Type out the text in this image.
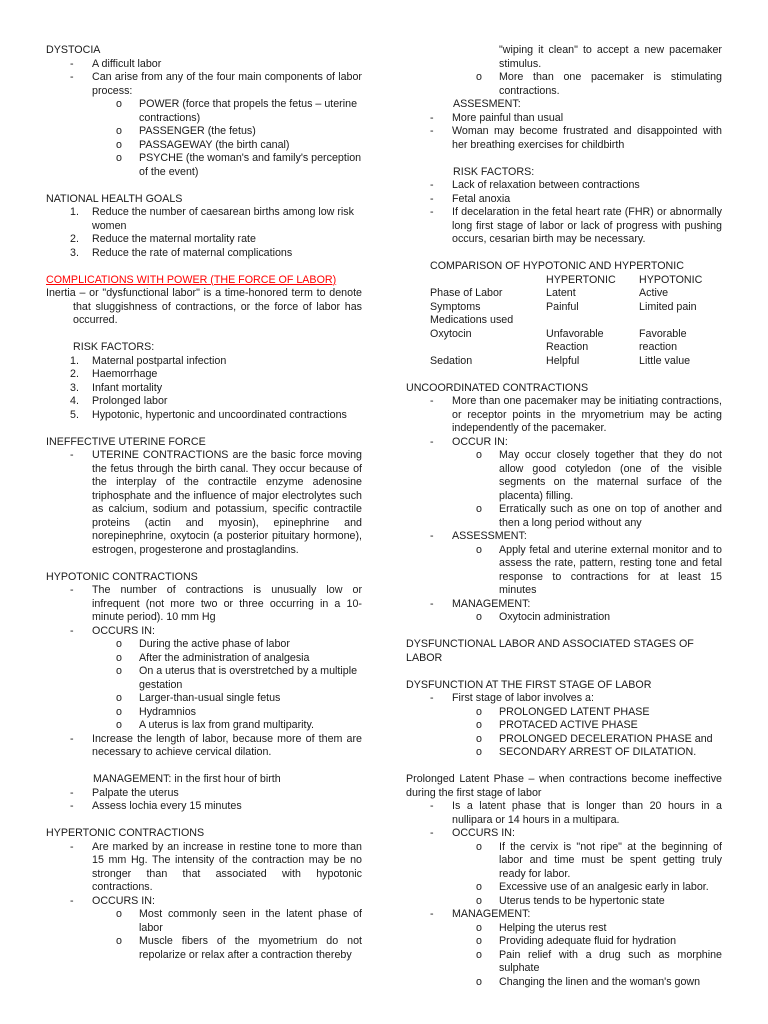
DYSTOCIA
- A difficult labor
- Can arise from any of the four main components of labor process:
o POWER (force that propels the fetus – uterine contractions)
o PASSENGER (the fetus)
o PASSAGEWAY (the birth canal)
o PSYCHE (the woman's and family's perception of the event)
NATIONAL HEALTH GOALS
1. Reduce the number of caesarean births among low risk women
2. Reduce the maternal mortality rate
3. Reduce the rate of maternal complications
COMPLICATIONS WITH POWER (THE FORCE OF LABOR)
Inertia – or "dysfunctional labor" is a time-honored term to denote that sluggishness of contractions, or the force of labor has occurred.
RISK FACTORS:
1. Maternal postpartal infection
2. Haemorrhage
3. Infant mortality
4. Prolonged labor
5. Hypotonic, hypertonic and uncoordinated contractions
INEFFECTIVE UTERINE FORCE
- UTERINE CONTRACTIONS are the basic force moving the fetus through the birth canal. They occur because of the interplay of the contractile enzyme adenosine triphosphate and the influence of major electrolytes such as calcium, sodium and potassium, specific contractile proteins (actin and myosin), epinephrine and norepinephrine, oxytocin (a posterior pituitary hormone), estrogen, progesterone and prostaglandins.
HYPOTONIC CONTRACTIONS
- The number of contractions is unusually low or infrequent (not more two or three occurring in a 10-minute period). 10 mm Hg
- OCCURS IN:
o During the active phase of labor
o After the administration of analgesia
o On a uterus that is overstretched by a multiple gestation
o Larger-than-usual single fetus
o Hydramnios
o A uterus is lax from grand multiparity.
- Increase the length of labor, because more of them are necessary to achieve cervical dilation.
MANAGEMENT: in the first hour of birth
- Palpate the uterus
- Assess lochia every 15 minutes
HYPERTONIC CONTRACTIONS
- Are marked by an increase in restine tone to more than 15 mm Hg. The intensity of the contraction may be no stronger than that associated with hypotonic contractions.
- OCCURS IN:
o Most commonly seen in the latent phase of labor
o Muscle fibers of the myometrium do not repolarize or relax after a contraction thereby
"wiping it clean" to accept a new pacemaker stimulus.
o More than one pacemaker is stimulating contractions.
ASSESMENT:
- More painful than usual
- Woman may become frustrated and disappointed with her breathing exercises for childbirth
RISK FACTORS:
- Lack of relaxation between contractions
- Fetal anoxia
- If decelaration in the fetal heart rate (FHR) or abnormally long first stage of labor or lack of progress with pushing occurs, cesarian birth may be necessary.
COMPARISON OF HYPOTONIC AND HYPERTONIC
	HYPERTONIC	HYPOTONIC
Phase of Labor	Latent	Active
Symptoms	Painful	Limited pain
Medications used		
Oxytocin	Unfavorable Reaction	Favorable reaction
Sedation	Helpful	Little value
UNCOORDINATED CONTRACTIONS
- More than one pacemaker may be initiating contractions, or receptor points in the mryometrium may be acting independently of the pacemaker.
- OCCUR IN:
o May occur closely together that they do not allow good cotyledon (one of the visible segments on the maternal surface of the placenta) filling.
o Erratically such as one on top of another and then a long period without any
- ASSESSMENT:
o Apply fetal and uterine external monitor and to assess the rate, pattern, resting tone and fetal response to contractions for at least 15 minutes
- MANAGEMENT:
o Oxytocin administration
DYSFUNCTIONAL LABOR AND ASSOCIATED STAGES OF LABOR
DYSFUNCTION AT THE FIRST STAGE OF LABOR
- First stage of labor involves a:
o PROLONGED LATENT PHASE
o PROTACED ACTIVE PHASE
o PROLONGED DECELERATION PHASE and
o SECONDARY ARREST OF DILATATION.
Prolonged Latent Phase – when contractions become ineffective during the first stage of labor
- Is a latent phase that is longer than 20 hours in a nullipara or 14 hours in a multipara.
- OCCURS IN:
o If the cervix is "not ripe" at the beginning of labor and time must be spent getting truly ready for labor.
o Excessive use of an analgesic early in labor.
o Uterus tends to be hypertonic state
- MANAGEMENT:
o Helping the uterus rest
o Providing adequate fluid for hydration
o Pain relief with a drug such as morphine sulphate
o Changing the linen and the woman's gown
